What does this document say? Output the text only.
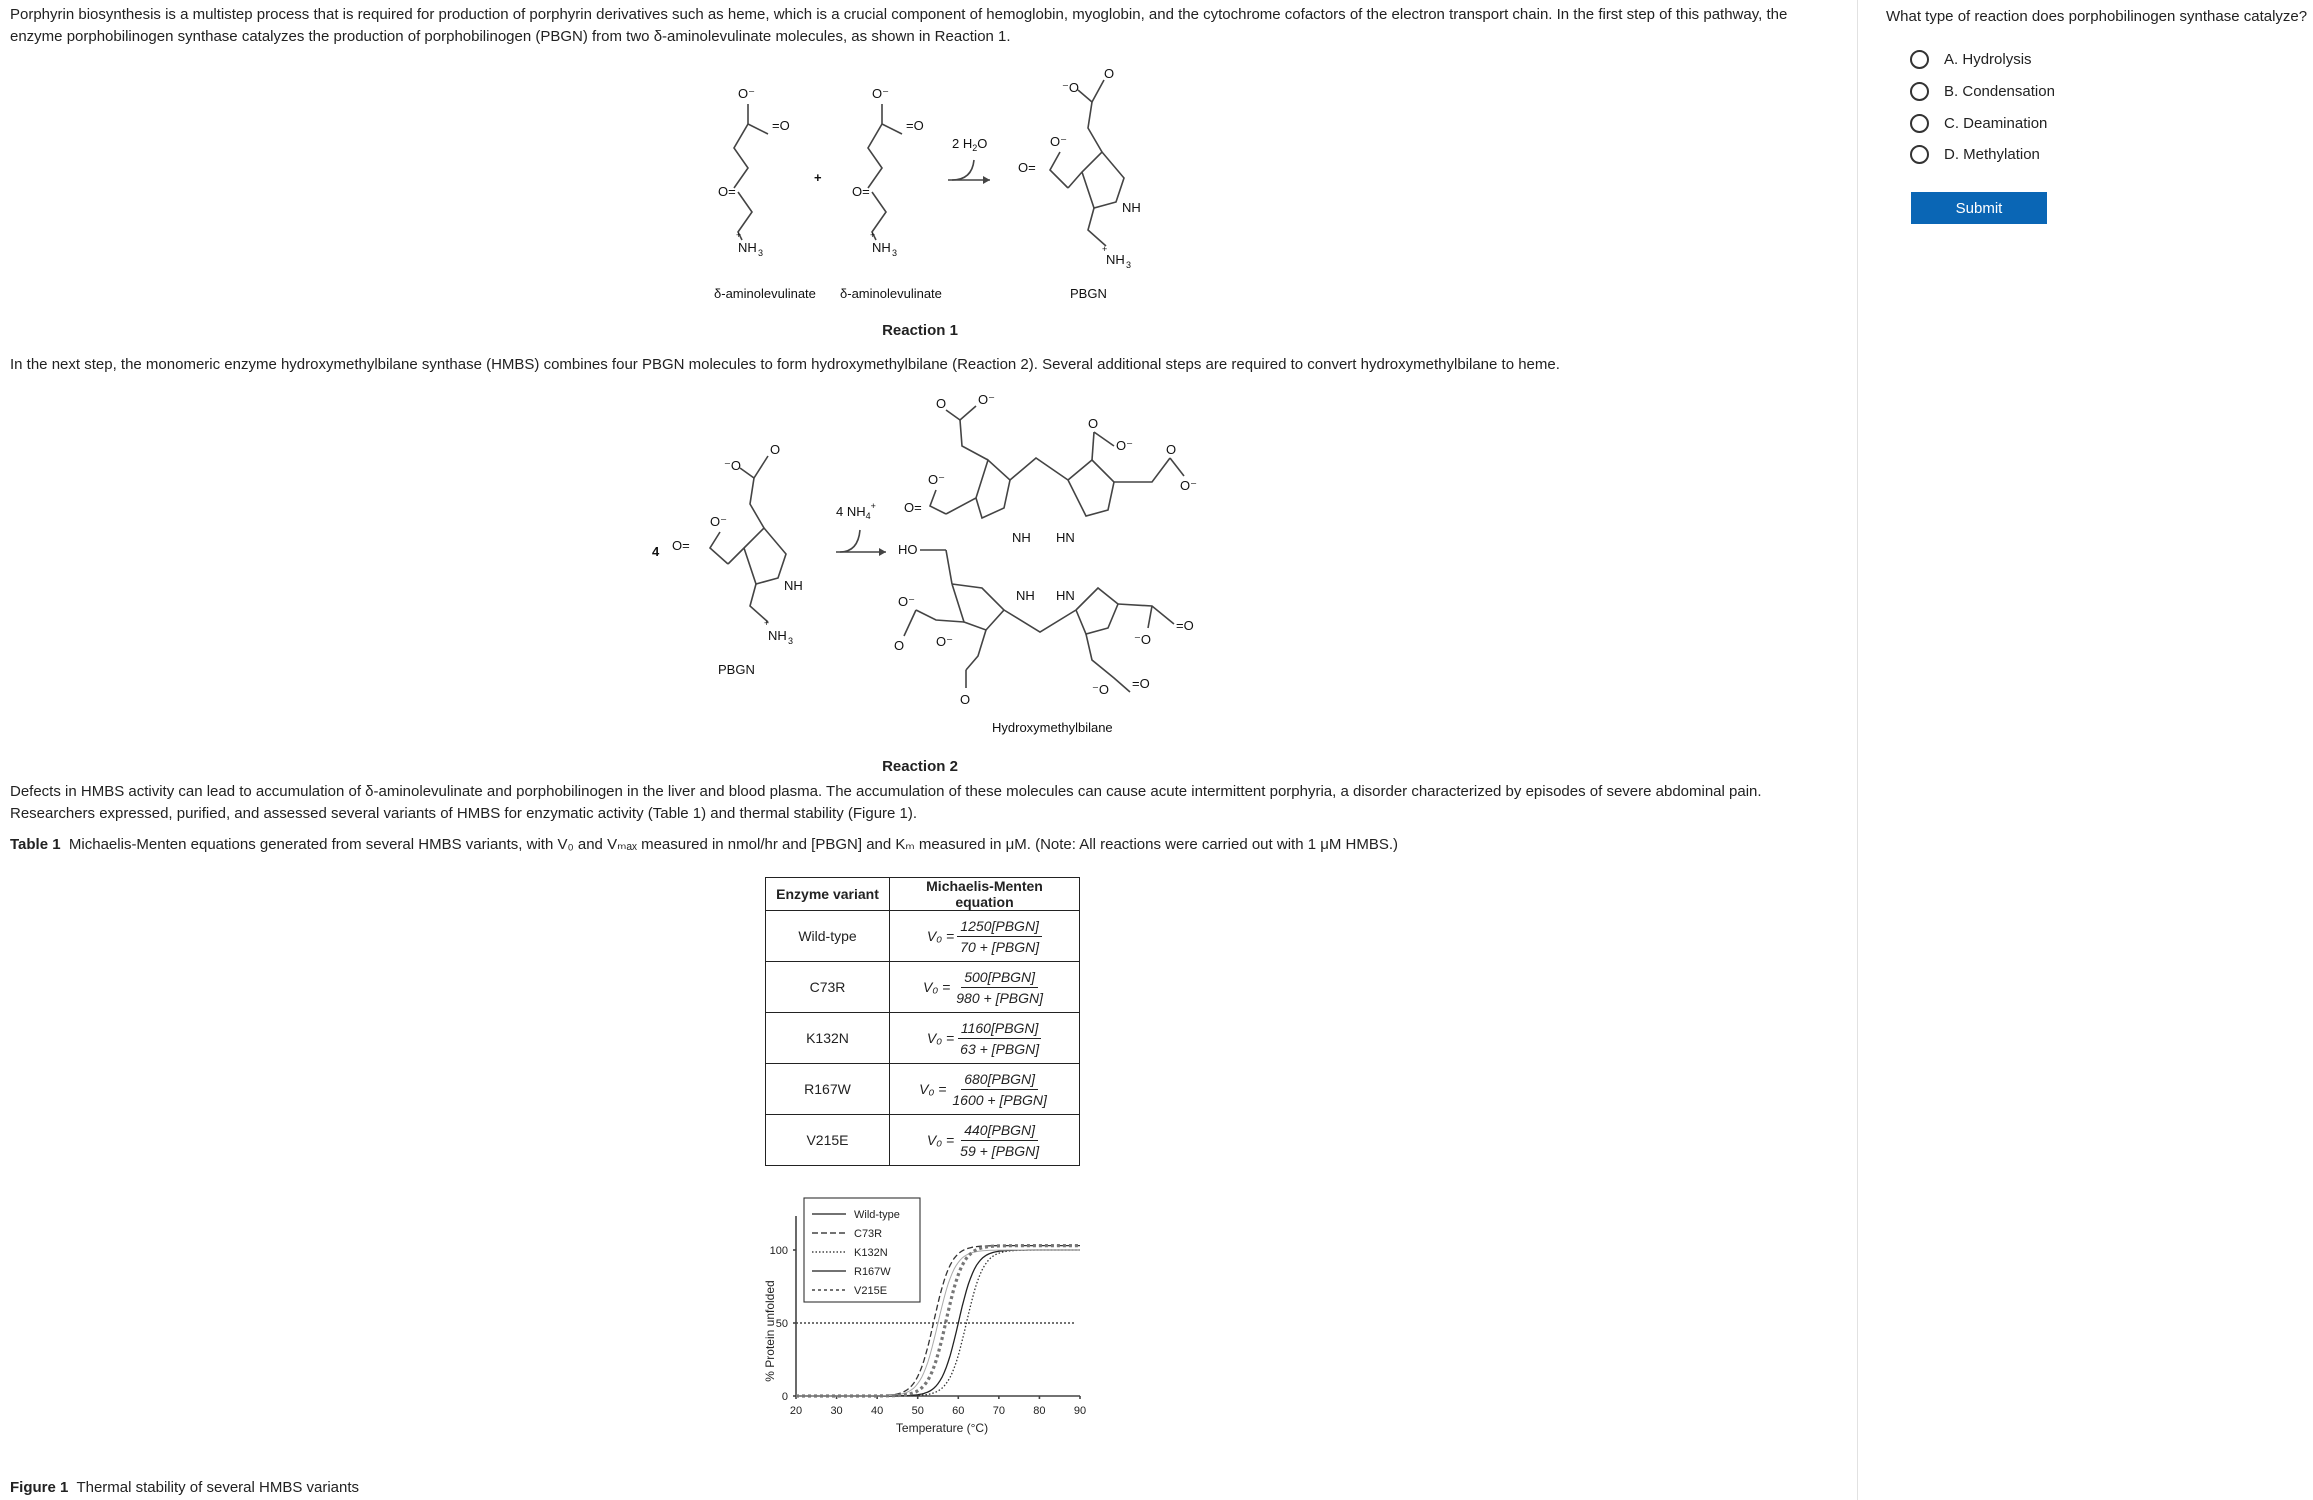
Porphyrin biosynthesis is a multistep process that is required for production of porphyrin derivatives such as heme, which is a crucial component of hemoglobin, myoglobin, and the cytochrome cofactors of the electron transport chain. In the first step of this pathway, the enzyme porphobilinogen synthase catalyzes the production of porphobilinogen (PBGN) from two δ-aminolevulinate molecules, as shown in Reaction 1.
O⁻
=O
O=
+
NH 3
+
O⁻
=O
O=
+
NH 3
2 $H_2O$
⁻O
O
O⁻
O=
NH
+
NH 3
δ-aminolevulinate δ-aminolevulinate	PBGN
Reaction 1
In the next step, the monomeric enzyme hydroxymethylbilane synthase (HMBS) combines four PBGN molecules to form hydroxymethylbilane (Reaction 2). Several additional steps are required to convert hydroxymethylbilane to heme.
4
⁻O
O
O⁻
O=
NH
+
NH 3
PBGN
4 $NH_4^+$
O O⁻
O⁻
O=
NH HN
O
O⁻	O
O⁻
HO
NH HN
=O
⁻O
⁻O =O
O⁻
O O⁻
O
Hydroxymethylbilane
Reaction 2
Defects in HMBS activity can lead to accumulation of δ-aminolevulinate and porphobilinogen in the liver and blood plasma. The accumulation of these molecules can cause acute intermittent porphyria, a disorder characterized by episodes of severe abdominal pain. Researchers expressed, purified, and assessed several variants of HMBS for enzymatic activity (Table 1) and thermal stability (Figure 1).
Table 1 Michaelis-Menten equations generated from several HMBS variants, with V₀ and Vₘₐₓ measured in nmol/hr and [PBGN] and Kₘ measured in μM. (Note: All reactions were carried out with 1 μM HMBS.)
Enzyme variant	Michaelis-Menten equation
Wild-type	$V_0 = \frac{\text{1250[PBGN]}}{\text{70 + [PBGN]}}$

C73R	$V_0 = \frac{\text{500[PBGN]}}{\text{980 + [PBGN]}}$

K132N	$V_0 = \frac{\text{1160[PBGN]}}{\text{63 + [PBGN]}}$

R167W	$V_0 = \frac{\text{680[PBGN]}}{\text{1600 + [PBGN]}}$

V215E	$V_0 = \frac{\text{440[PBGN]}}{\text{59 + [PBGN]}}$
20	30	40	50	60	70	80	90
0
50
100
Temperature (°C)
% Protein unfolded
Wild-type
C73R
K132N
R167W
V215E
Figure 1 Thermal stability of several HMBS variants
What type of reaction does porphobilinogen synthase catalyze?
A.
Hydrolysis
B.
Condensation
C.
Deamination
D.
Methylation
Submit
